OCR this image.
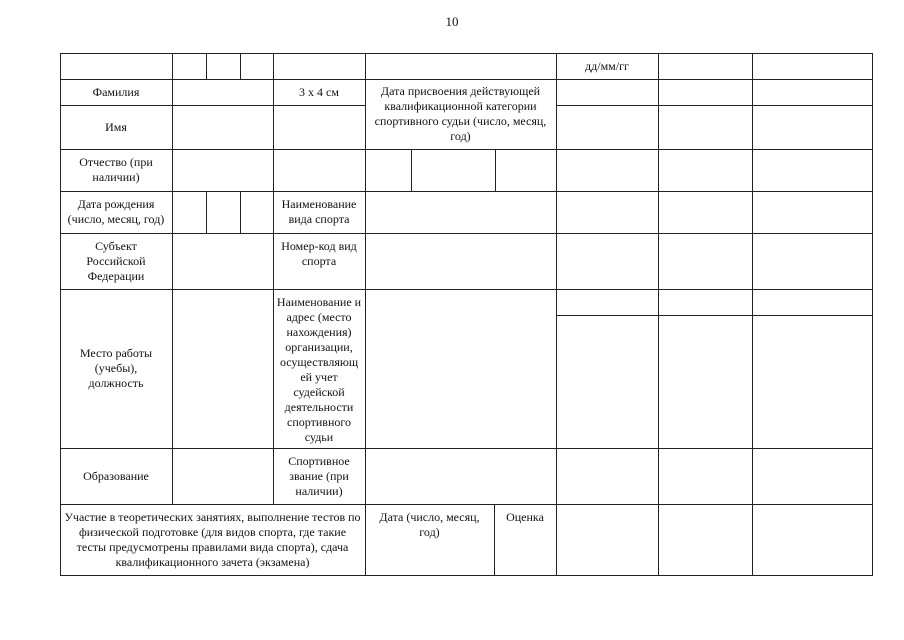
10
дд/мм/гг
Фамилия	3 х 4 см	Дата присвоения действующей квалификационной категории спортивного судьи (число, месяц, год)
Имя
Отчество (при наличии)
Дата рождения (число, месяц, год)
Наименование вида спорта
Субъект Российской Федерации
Номер-код вид спорта
Место работы (учебы), должность
Наименование и адрес (место нахождения) организации, осуществляющ ей учет судейской деятельности спортивного судьи
Образование
Спортивное звание (при наличии)
Участие в теоретических занятиях, выполнение тестов по физической подготовке (для видов спорта, где такие тесты предусмотрены правилами вида спорта), сдача квалификационного зачета (экзамена)
Дата (число, месяц, год)
Оценка
